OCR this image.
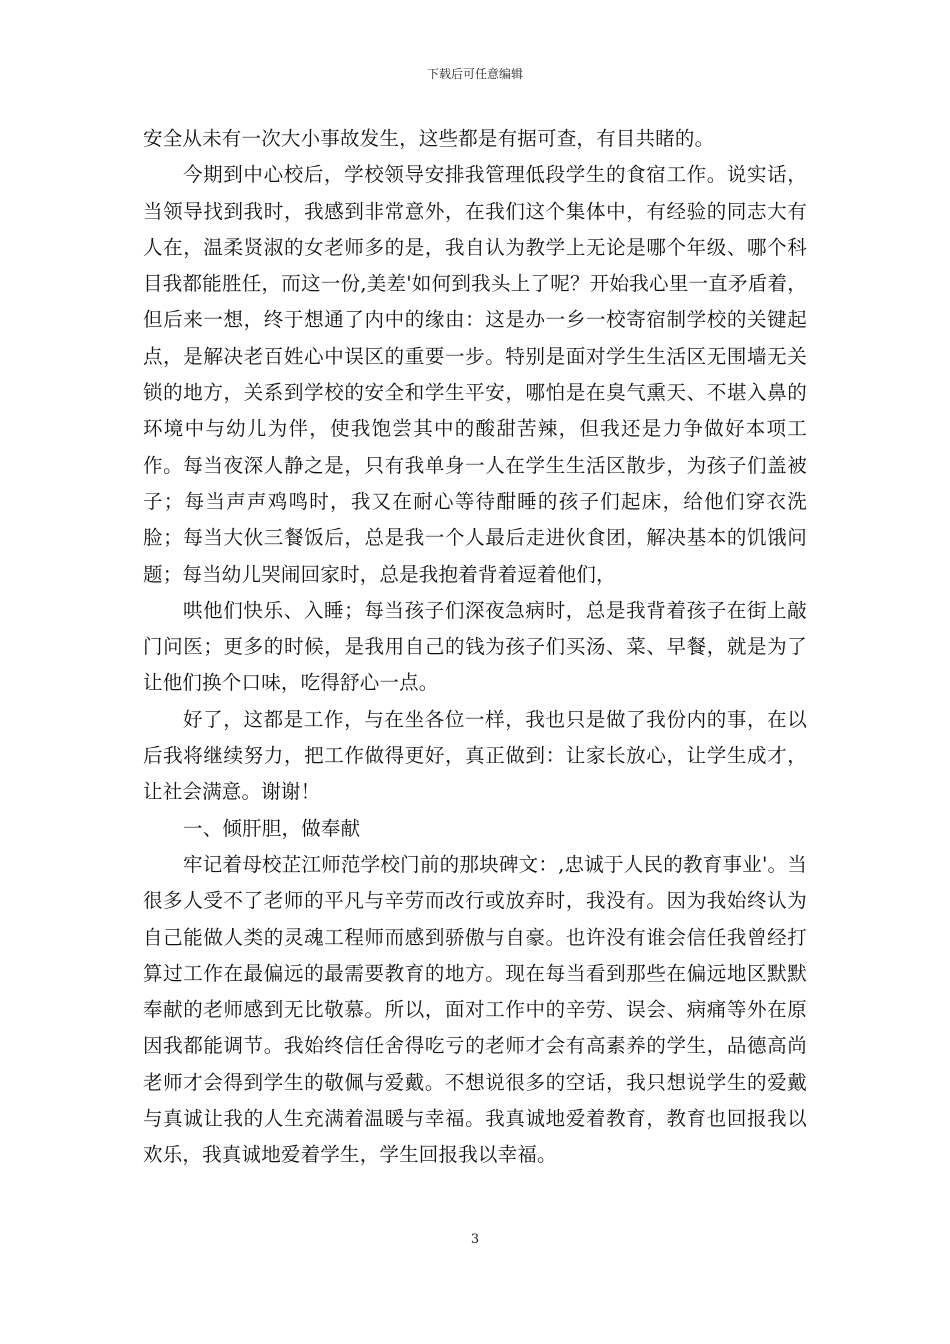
下载后可任意编辑

安全从未有一次大小事故发生，这些都是有据可查，有目共睹的。

今期到中心校后，学校领导安排我管理低段学生的食宿工作。说实话，当领导找到我时，我感到非常意外，在我们这个集体中，有经验的同志大有人在，温柔贤淑的女老师多的是，我自认为教学上无论是哪个年级、哪个科目我都能胜任，而这一份,美差'如何到我头上了呢？开始我心里一直矛盾着，但后来一想，终于想通了内中的缘由：这是办一乡一校寄宿制学校的关键起点，是解决老百姓心中误区的重要一步。特别是面对学生生活区无围墙无关锁的地方，关系到学校的安全和学生平安，哪怕是在臭气熏天、不堪入鼻的环境中与幼儿为伴，使我饱尝其中的酸甜苦辣，但我还是力争做好本项工作。每当夜深人静之是，只有我单身一人在学生生活区散步，为孩子们盖被子；每当声声鸡鸣时，我又在耐心等待酣睡的孩子们起床，给他们穿衣洗脸；每当大伙三餐饭后，总是我一个人最后走进伙食团，解决基本的饥饿问题；每当幼儿哭闹回家时，总是我抱着背着逗着他们，

哄他们快乐、入睡；每当孩子们深夜急病时，总是我背着孩子在街上敲门问医；更多的时候，是我用自己的钱为孩子们买汤、菜、早餐，就是为了让他们换个口味，吃得舒心一点。

好了，这都是工作，与在坐各位一样，我也只是做了我份内的事，在以后我将继续努力，把工作做得更好，真正做到：让家长放心，让学生成才，让社会满意。谢谢！

一、倾肝胆，做奉献

牢记着母校芷江师范学校门前的那块碑文：,忠诚于人民的教育事业'。当很多人受不了老师的平凡与辛劳而改行或放弃时，我没有。因为我始终认为自己能做人类的灵魂工程师而感到骄傲与自豪。也许没有谁会信任我曾经打算过工作在最偏远的最需要教育的地方。现在每当看到那些在偏远地区默默奉献的老师感到无比敬慕。所以，面对工作中的辛劳、误会、病痛等外在原因我都能调节。我始终信任舍得吃亏的老师才会有高素养的学生，品德高尚老师才会得到学生的敬佩与爱戴。不想说很多的空话，我只想说学生的爱戴与真诚让我的人生充满着温暖与幸福。我真诚地爱着教育，教育也回报我以欢乐，我真诚地爱着学生，学生回报我以幸福。

3
